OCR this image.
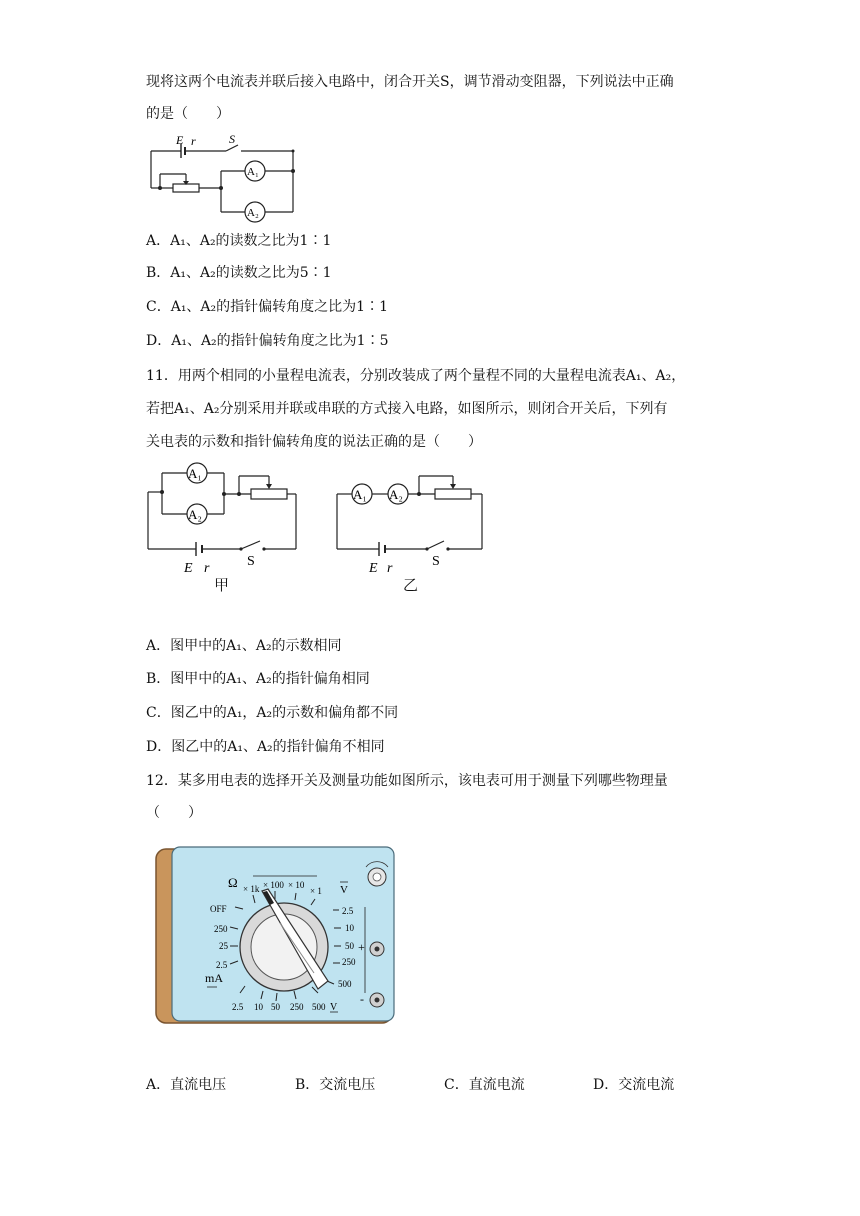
现将这两个电流表并联后接入电路中，闭合开关S，调节滑动变阻器，下列说法中正确
的是（　　）
E r	S
A₁
A₂
A．A₁、A₂的读数之比为1∶1
B．A₁、A₂的读数之比为5∶1
C．A₁、A₂的指针偏转角度之比为1∶1
D．A₁、A₂的指针偏转角度之比为1∶5
11．用两个相同的小量程电流表，分别改装成了两个量程不同的大量程电流表A₁、A₂，
若把A₁、A₂分别采用并联或串联的方式接入电路，如图所示，则闭合开关后，下列有
关电表的示数和指针偏转角度的说法正确的是（　　）
A₁
A₂
E r	S
甲
A₁ A₂
E r	S
乙
A．图甲中的A₁、A₂的示数相同
B．图甲中的A₁、A₂的指针偏角相同
C．图乙中的A₁，A₂的示数和偏角都不同
D．图乙中的A₁、A₂的指针偏角不相同
12．某多用电表的选择开关及测量功能如图所示，该电表可用于测量下列哪些物理量
（　　）
Ω × 1k × 100 × 10
× 1
OFF
250
25
2.5
mA
2.5 10 50 250 500 V
V
2.5
10
50
250
500
+
-
A．直流电压	B．交流电压	C．直流电流	D．交流电流
